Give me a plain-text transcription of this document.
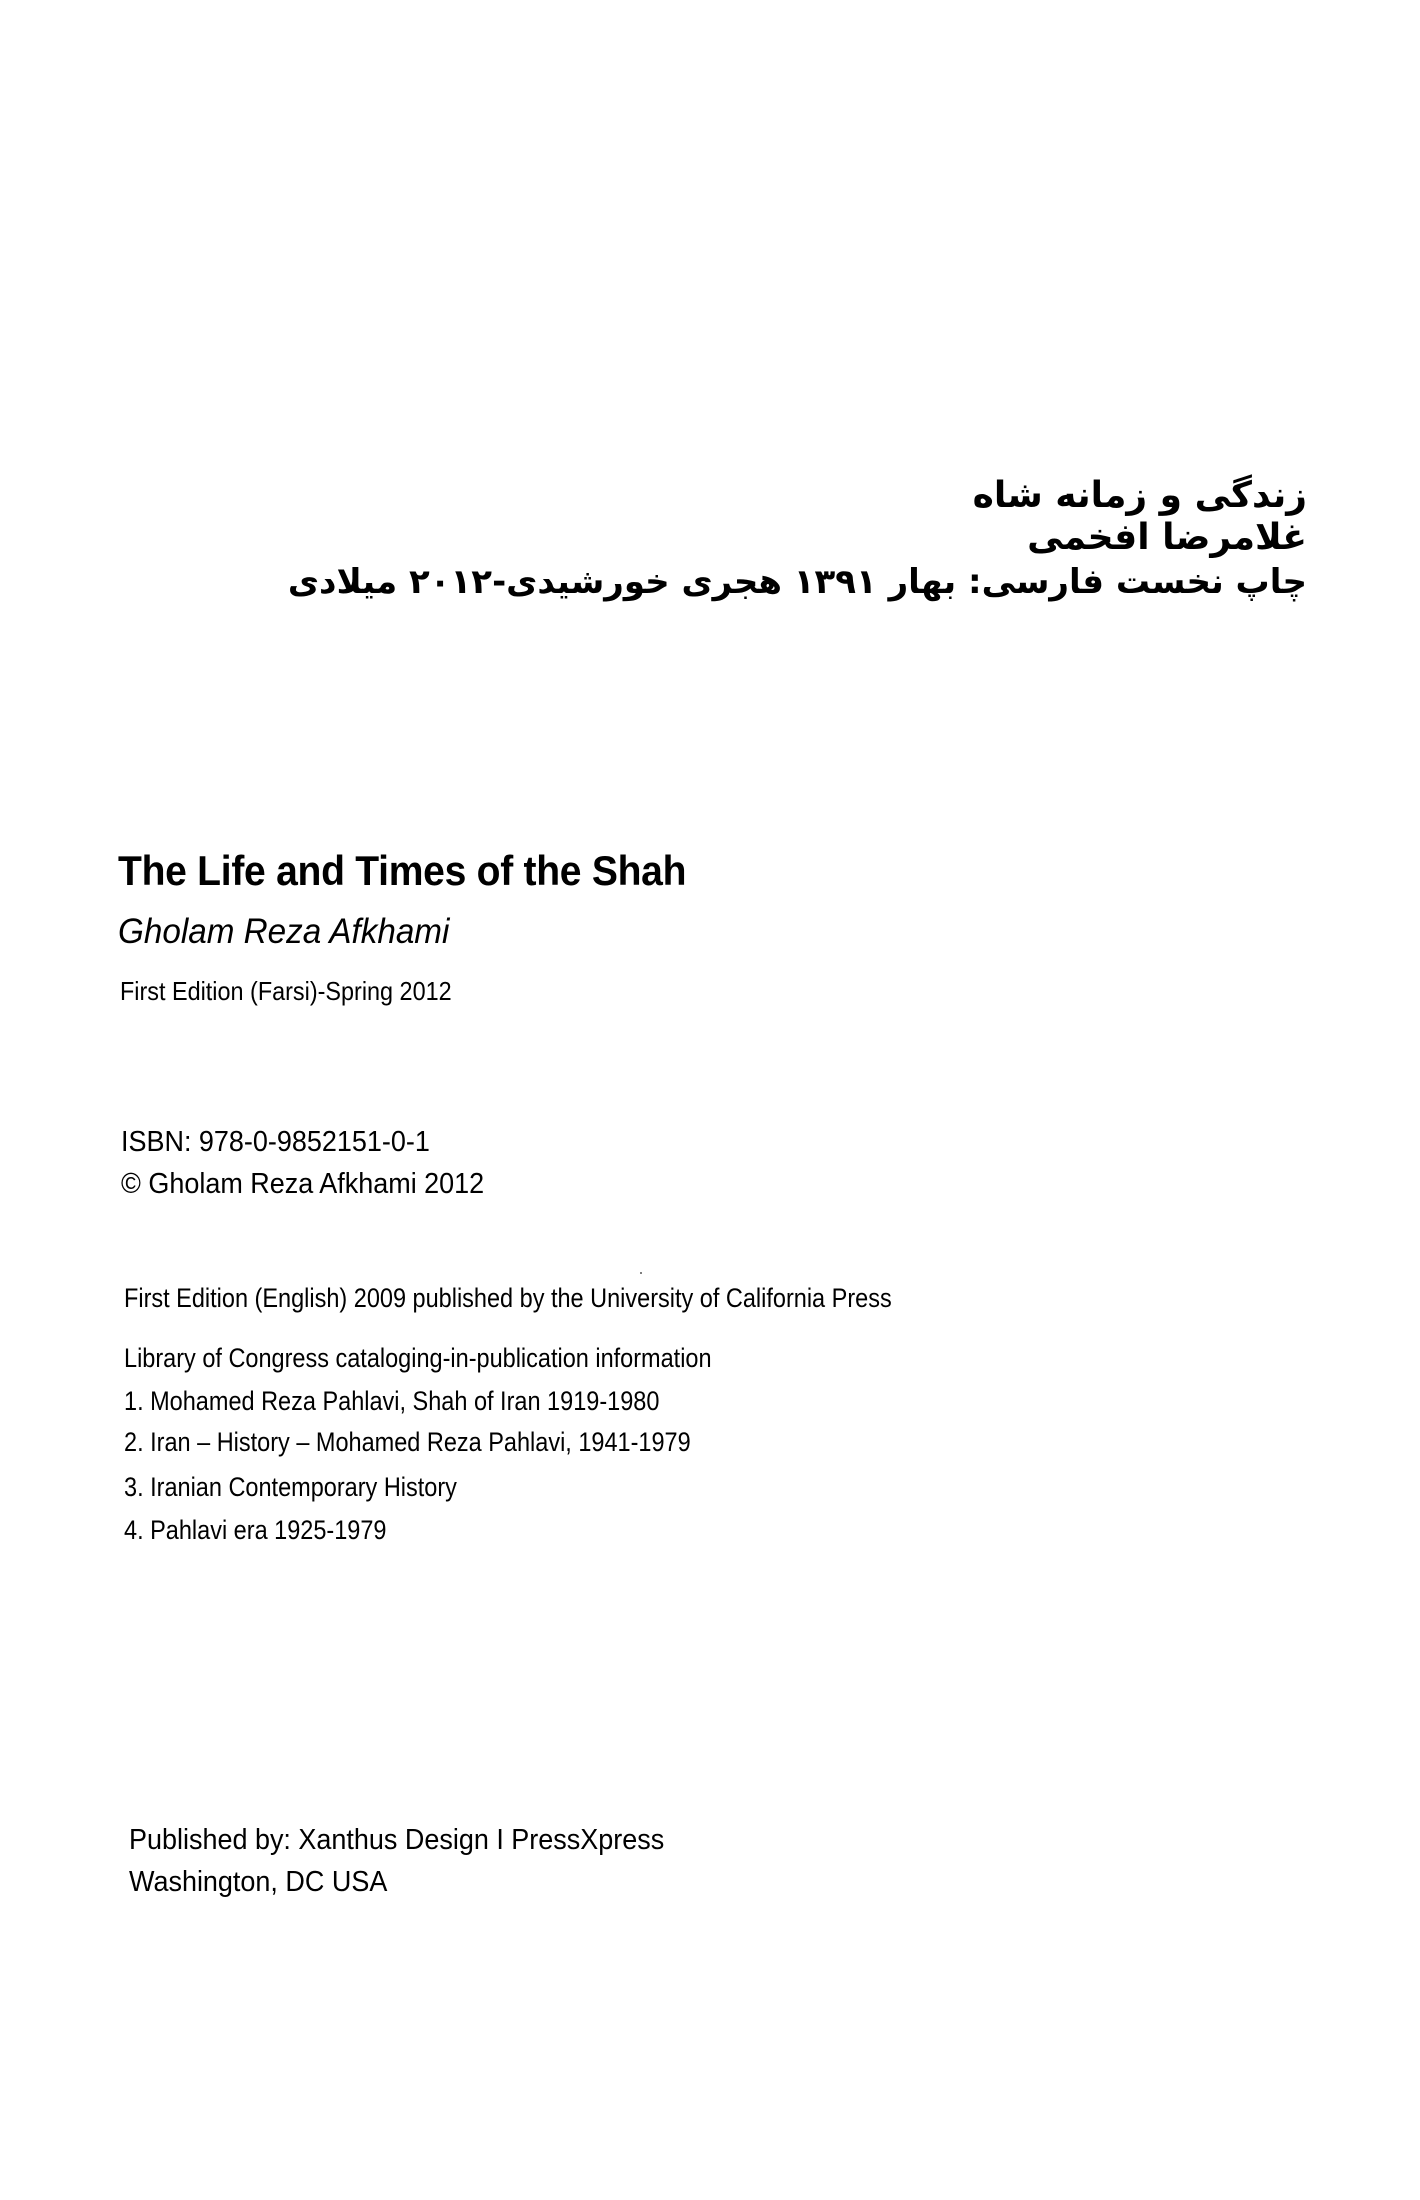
زندگی و زمانه شاه
غلامرضا افخمی
چاپ نخست فارسی: بهار ۱۳۹۱ هجری خورشیدی-۲۰۱۲ میلادی
The Life and Times of the Shah
Gholam Reza Afkhami
First Edition (Farsi)-Spring 2012
ISBN: 978-0-9852151-0-1
© Gholam Reza Afkhami 2012
First Edition (English) 2009 published by the University of California Press
Library of Congress cataloging-in-publication information
1. Mohamed Reza Pahlavi, Shah of Iran 1919-1980
2. Iran – History – Mohamed Reza Pahlavi, 1941-1979
3. Iranian Contemporary History
4. Pahlavi era 1925-1979
Published by: Xanthus Design I PressXpress
Washington, DC USA
